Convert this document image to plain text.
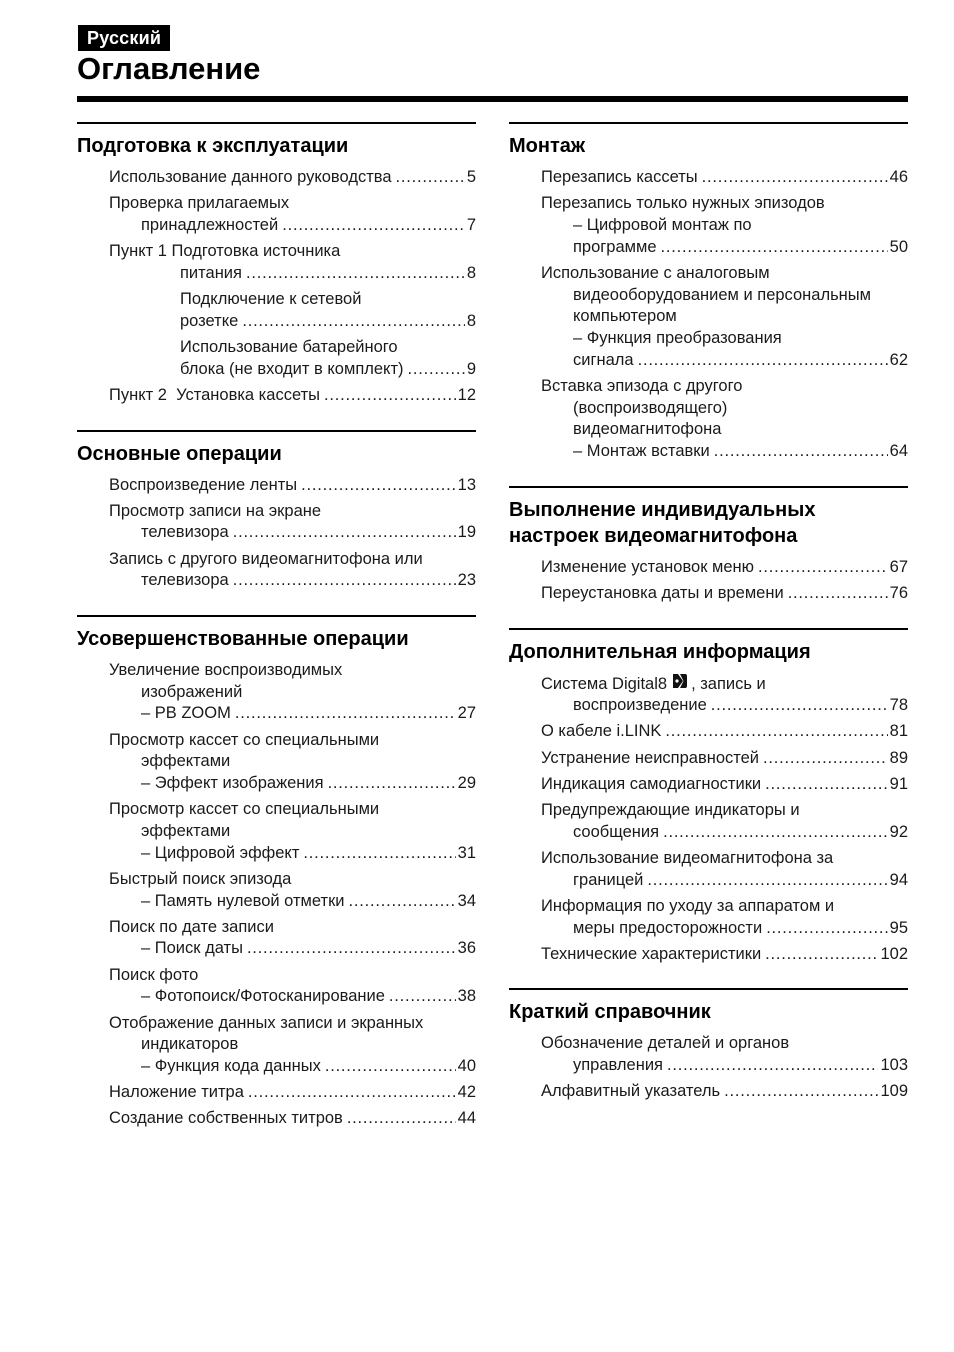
Русский
Оглавление
Подготовка к эксплуатации
Использование данного руководства . . .	5
Проверка прилагаемых
принадлежностей . . .	7
Пункт 1 Подготовка источника
питания . . .	8
Подключение к сетевой
розетке . . .	8
Использование батарейного
блока (не входит в комплект) . . .	9
Пункт 2  Установка кассеты . . .	12
Основные операции
Воспроизведение ленты . . .	13
Просмотр записи на экране
телевизора . . .	19
Запись с другого видеомагнитофона или
телевизора . . .	23
Усовершенствованные операции
Увеличение воспроизводимых
изображений
– PB ZOOM . . .	27
Просмотр кассет со специальными
эффектами
– Эффект изображения . . .	29
Просмотр кассет со специальными
эффектами
– Цифровой эффект . . .	31
Быстрый поиск эпизода
– Память нулевой отметки . . .	34
Поиск по дате записи
– Поиск даты . . .	36
Поиск фото
– Фотопоиск/Фотосканирование . . .	38
Отображение данных записи и экранных
индикаторов
– Функция кода данных . . .	40
Наложение титра . . .	42
Создание собственных титров . . .	44
Монтаж
Перезапись кассеты . . .	46
Перезапись только нужных эпизодов
– Цифровой монтаж по
программе . . .	50
Использование с аналоговым
видеооборудованием и персональным
компьютером
– Функция преобразования
сигнала . . .	62
Вставка эпизода с другого
(воспроизводящего)
видеомагнитофона
– Монтаж вставки . . .	64
Выполнение индивидуальных настроек видеомагнитофона
Изменение установок меню . . .	67
Переустановка даты и времени . . .	76
Дополнительная информация
Система Digital8 , запись и
воспроизведение . . .	78
О кабеле i.LINK . . .	81
Устранение неисправностей . . .	89
Индикация самодиагностики . . .	91
Предупреждающие индикаторы и
сообщения . . .	92
Использование видеомагнитофона за
границей . . .	94
Информация по уходу за аппаратом и
меры предосторожности . . .	95
Технические характеристики . . .	102
Краткий справочник
Обозначение деталей и органов
управления . . .	103
Алфавитный указатель . . .	109
